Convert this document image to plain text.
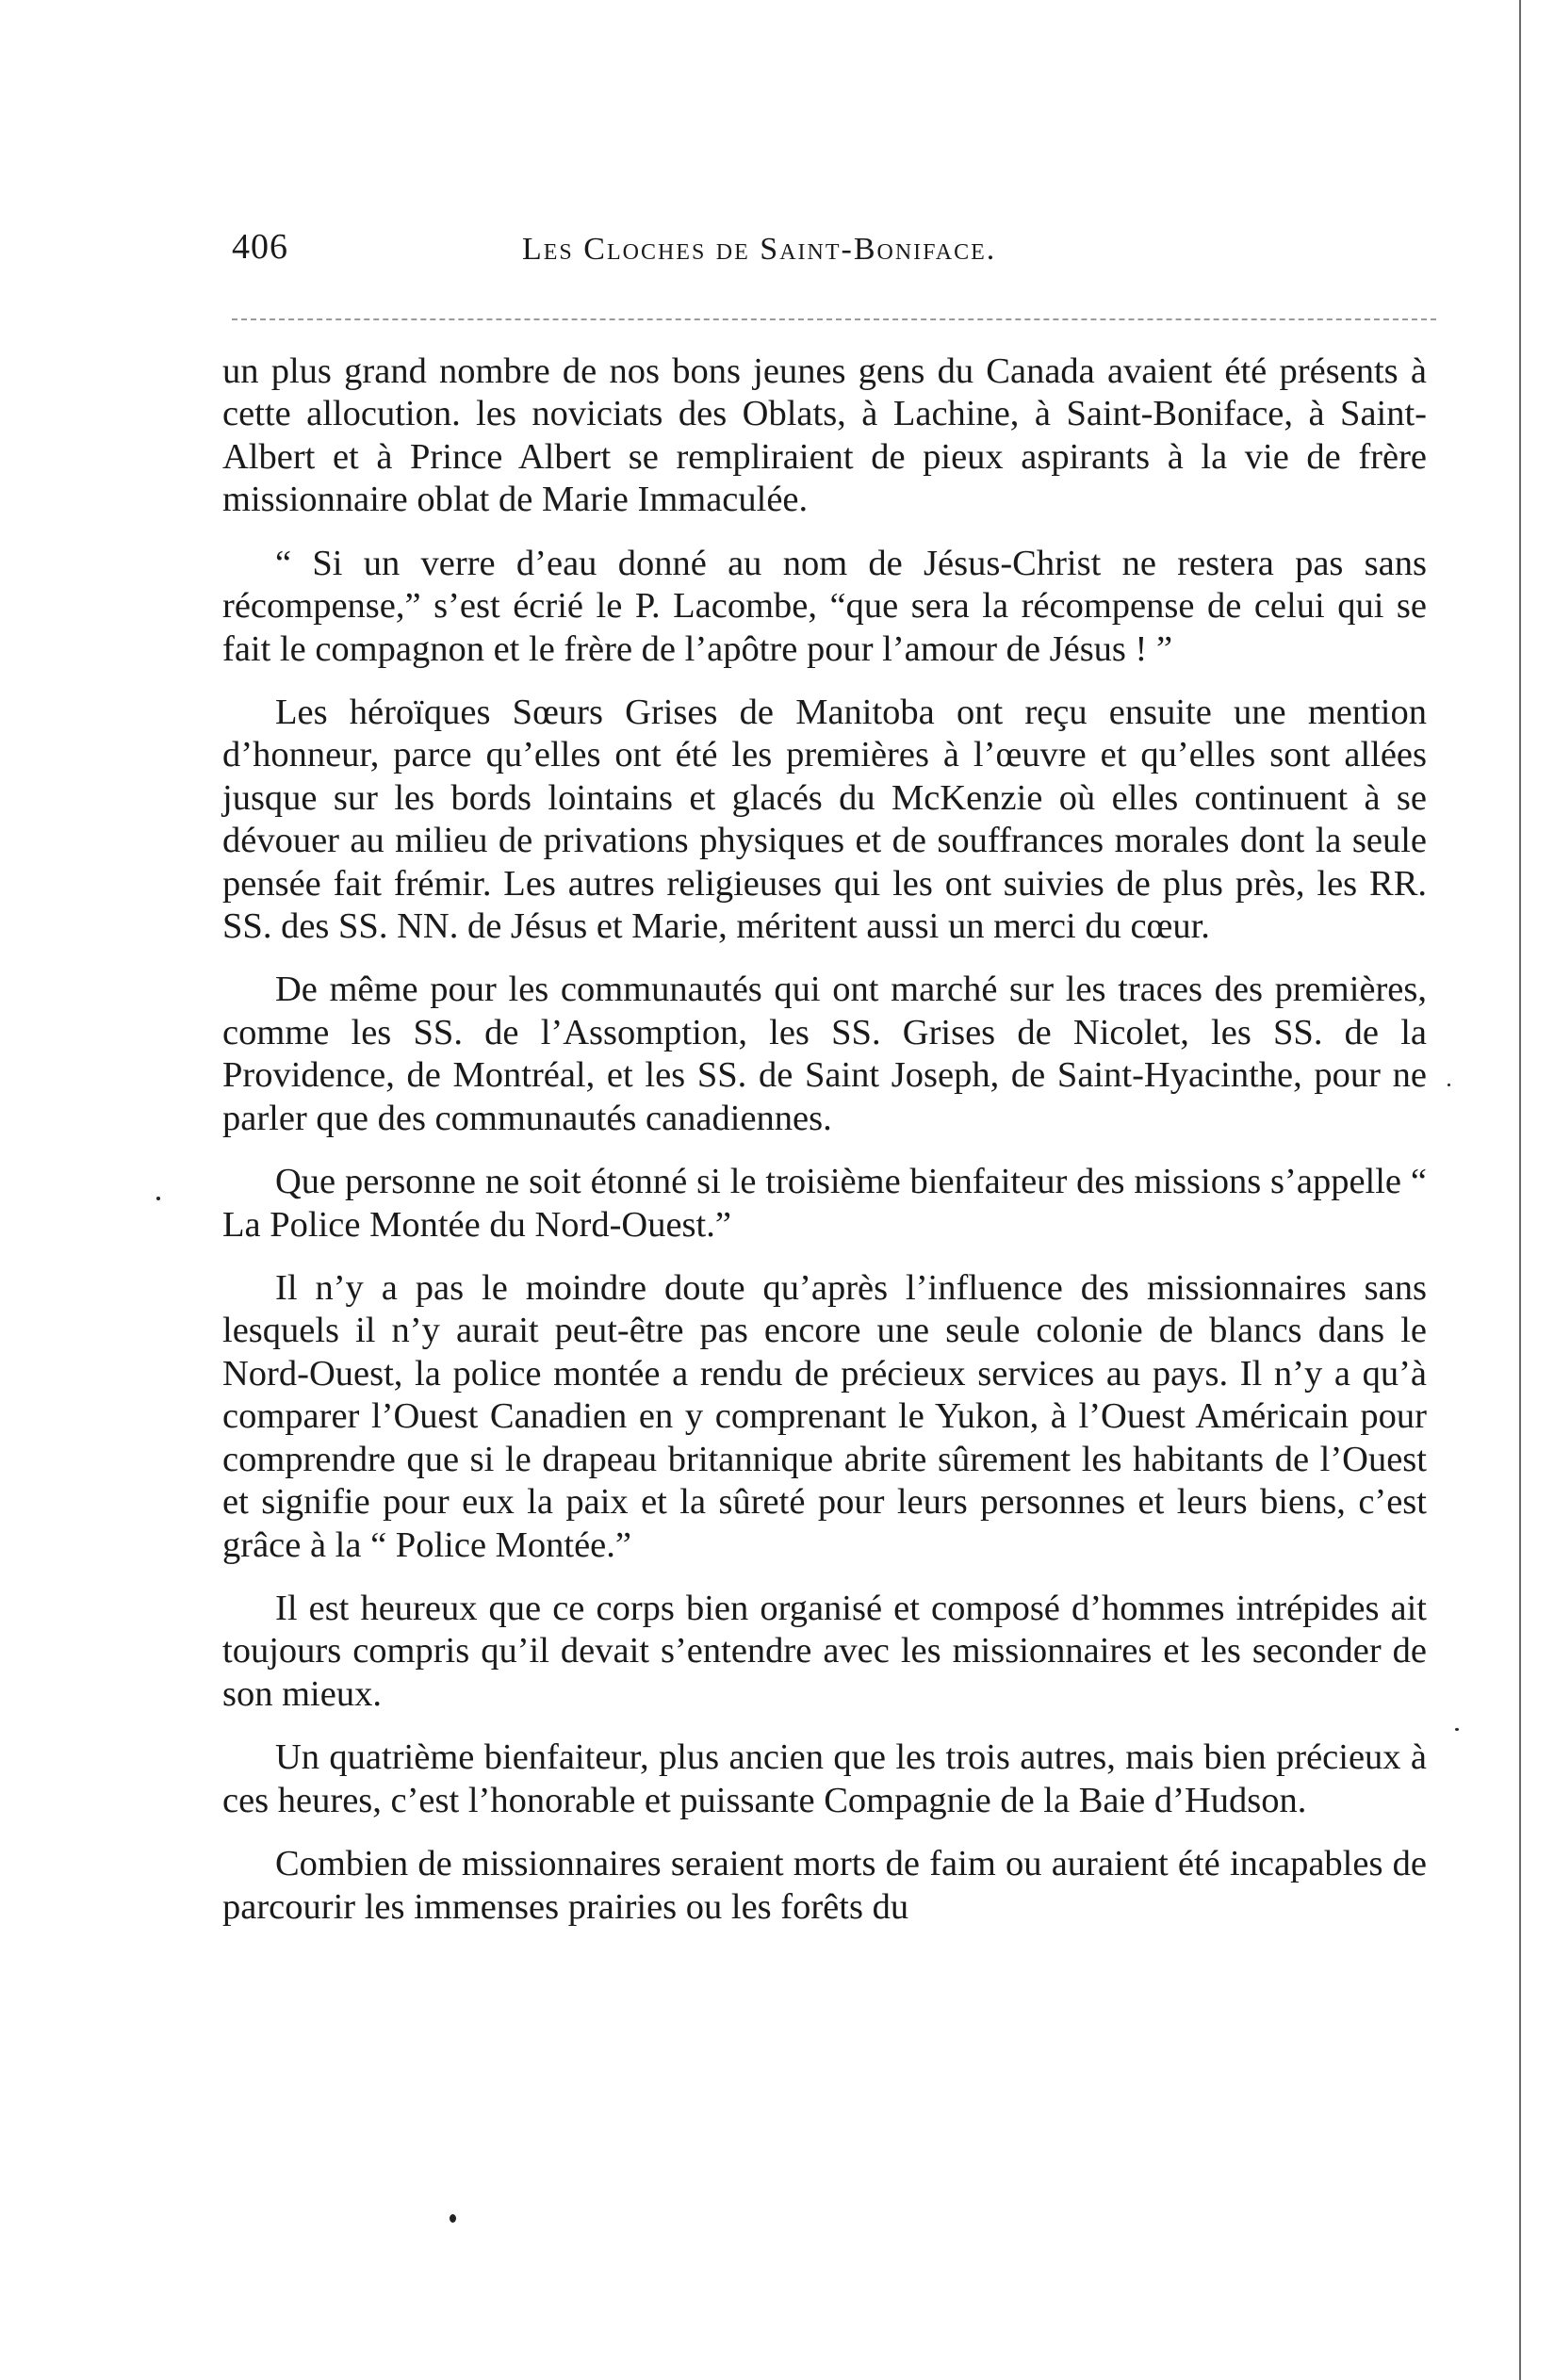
406	Les Cloches de Saint-Boniface.

un plus grand nombre de nos bons jeunes gens du Canada avaient été présents à cette allocution. les noviciats des Oblats, à Lachine, à Saint-Boniface, à Saint-Albert et à Prince Albert se rempliraient de pieux aspirants à la vie de frère missionnaire oblat de Marie Immaculée.

“ Si un verre d’eau donné au nom de Jésus-Christ ne restera pas sans récompense,” s’est écrié le P. Lacombe, “que sera la récompense de celui qui se fait le compagnon et le frère de l’apôtre pour l’amour de Jésus ! ”

Les héroïques Sœurs Grises de Manitoba ont reçu ensuite une mention d’honneur, parce qu’elles ont été les premières à l’œuvre et qu’elles sont allées jusque sur les bords lointains et glacés du McKenzie où elles continuent à se dévouer au milieu de privations physiques et de souffrances morales dont la seule pensée fait frémir. Les autres religieuses qui les ont suivies de plus près, les RR. SS. des SS. NN. de Jésus et Marie, méritent aussi un merci du cœur.

De même pour les communautés qui ont marché sur les traces des premières, comme les SS. de l’Assomption, les SS. Grises de Nicolet, les SS. de la Providence, de Montréal, et les SS. de Saint Joseph, de Saint-Hyacinthe, pour ne parler que des communautés canadiennes.

Que personne ne soit étonné si le troisième bienfaiteur des missions s’appelle “ La Police Montée du Nord-Ouest.”

Il n’y a pas le moindre doute qu’après l’influence des missionnaires sans lesquels il n’y aurait peut-être pas encore une seule colonie de blancs dans le Nord-Ouest, la police montée a rendu de précieux services au pays. Il n’y a qu’à comparer l’Ouest Canadien en y comprenant le Yukon, à l’Ouest Américain pour comprendre que si le drapeau britannique abrite sûrement les habitants de l’Ouest et signifie pour eux la paix et la sûreté pour leurs personnes et leurs biens, c’est grâce à la “ Police Montée.”

Il est heureux que ce corps bien organisé et composé d’hommes intrépides ait toujours compris qu’il devait s’entendre avec les missionnaires et les seconder de son mieux.

Un quatrième bienfaiteur, plus ancien que les trois autres, mais bien précieux à ces heures, c’est l’honorable et puissante Compagnie de la Baie d’Hudson.

Combien de missionnaires seraient morts de faim ou auraient été incapables de parcourir les immenses prairies ou les forêts du
